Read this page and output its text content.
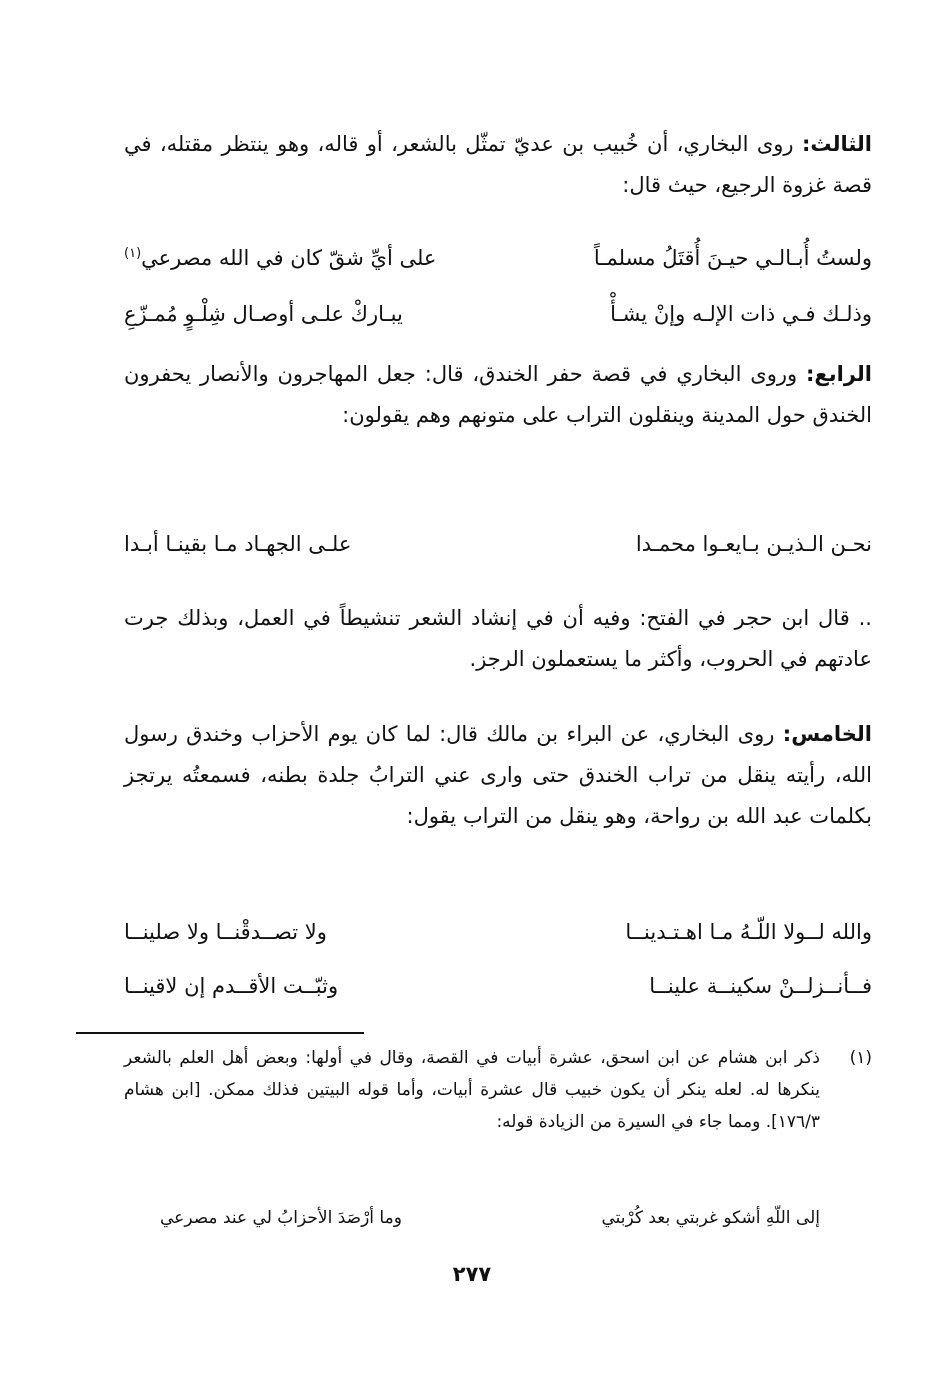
الثالث: روى البخاري، أن خُبيب بن عديّ تمثّل بالشعر، أو قاله، وهو ينتظر مقتله، في قصة غزوة الرجيع، حيث قال:

ولستُ أُبـالـي حيـنَ أُقتَلُ مسلمـاً
على أيِّ شقّ كان في الله مصرعي$^{(١)}$
وذلـك فـي ذات الإلـه وإنْ يشـأْ
يبـاركْ علـى أوصـال شِلْـوٍ مُمـزّعِ

الرابع: وروى البخاري في قصة حفر الخندق، قال: جعل المهاجرون والأنصار يحفرون الخندق حول المدينة وينقلون التراب على متونهم وهم يقولون:

نحـن الـذيـن بـايعـوا محمـدا
علـى الجهـاد مـا بقينـا أبـدا

.. قال ابن حجر في الفتح: وفيه أن في إنشاد الشعر تنشيطاً في العمل، وبذلك جرت عادتهم في الحروب، وأكثر ما يستعملون الرجز.

الخامس: روى البخاري، عن البراء بن مالك قال: لما كان يوم الأحزاب وخندق رسول الله، رأيته ينقل من تراب الخندق حتى وارى عني الترابُ جلدة بطنه، فسمعتُه يرتجز بكلمات عبد الله بن رواحة، وهو ينقل من التراب يقول:

والله لــولا اللّـهُ مـا اهـتـدينــا
ولا تصــدقْنــا ولا صلينــا
فــأنــزلــنْ سكينــة علينــا
وثبّــت الأقــدم إن لاقينــا
(١)
ذكر ابن هشام عن ابن اسحق، عشرة أبيات في القصة، وقال في أولها: وبعض أهل العلم بالشعر ينكرها له. لعله ينكر أن يكون خبيب قال عشرة أبيات، وأما قوله البيتين فذلك ممكن. [ابن هشام ١٧٦/٣]. ومما جاء في السيرة من الزيادة قوله:
إلى اللّهِ أشكو غربتي بعد كُرْبتي
وما أرْصَدَ الأحزابُ لي عند مصرعي
٢٧٧
